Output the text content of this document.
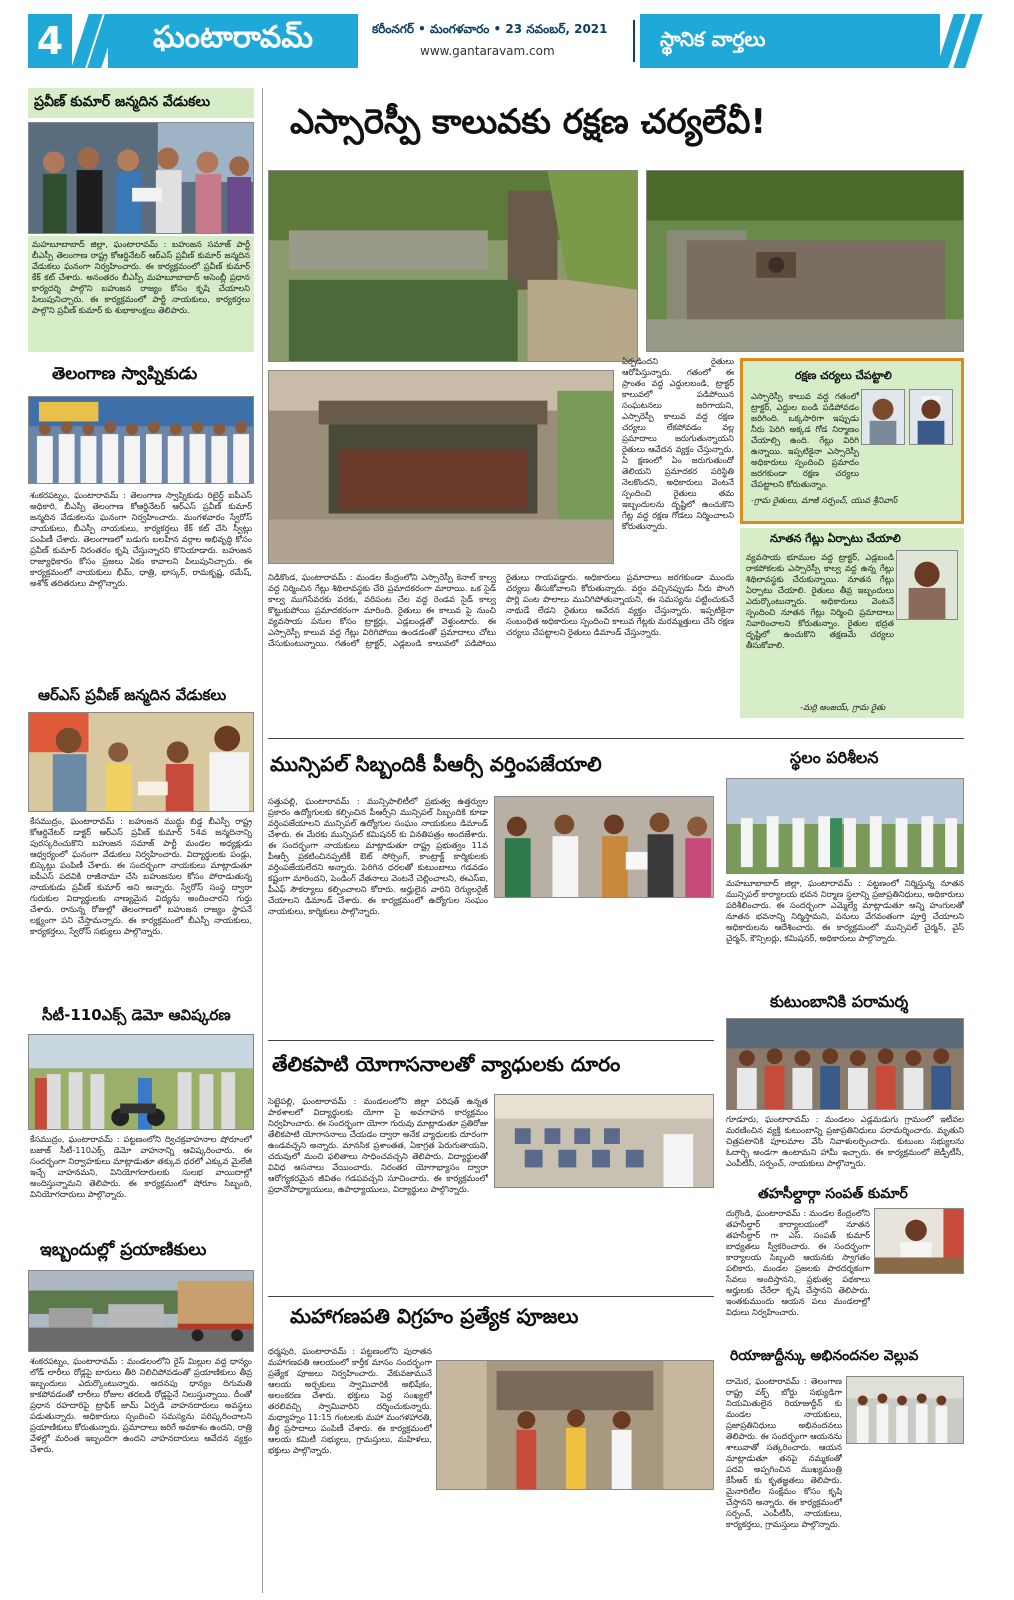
4	ఘంటారావమ్	కరీంనగర్ • మంగళవారం • 23 నవంబర్, 2021
www.gantaravam.com
స్థానిక వార్తలు
ప్రవీణ్ కుమార్ జన్మదిన వేడుకలు
మహబూబాబాద్ జిల్లా, ఘంటారావమ్ : బహుజన సమాజ్ పార్టీ బీఎస్పీ తెలంగాణ రాష్ట్ర కోఆర్డినేటర్ ఆర్ఎస్ ప్రవీణ్ కుమార్ జన్మదిన వేడుకలు ఘనంగా నిర్వహించారు. ఈ కార్యక్రమంలో ప్రవీణ్ కుమార్ కేక్ కట్ చేశారు. అనంతరం బీఎస్పీ మహబూబాబాద్ అసెంబ్లీ ప్రధాన కార్యదర్శి పాల్గొని బహుజన రాజ్యం కోసం కృషి చేయాలని పిలుపునిచ్చారు. ఈ కార్యక్రమంలో పార్టీ నాయకులు, కార్యకర్తలు పాల్గొని ప్రవీణ్ కుమార్ కు శుభాకాంక్షలు తెలిపారు.
తెలంగాణ స్వాప్నికుడు
శంకరపట్నం, ఘంటారావమ్ : తెలంగాణ స్వాప్నికుడు రిటైర్డ్ ఐపీఎస్ అధికారి, బీఎస్పీ తెలంగాణ కోఆర్డినేటర్ ఆర్ఎస్ ప్రవీణ్ కుమార్ జన్మదిన వేడుకలను ఘనంగా నిర్వహించారు. మంగళవారం స్వేరోస్ నాయకులు, బీఎస్పీ నాయకులు, కార్యకర్తలు కేక్ కట్ చేసి స్వీట్లు పంపిణీ చేశారు. తెలంగాణలో బడుగు బలహీన వర్గాల అభివృద్ధి కోసం ప్రవీణ్ కుమార్ నిరంతరం కృషి చేస్తున్నారని కొనియాడారు. బహుజన రాజ్యాధికారం కోసం ప్రజలు ఏకం కావాలని పిలుపునిచ్చారు. ఈ కార్యక్రమంలో నాయకులు భీమ్, ధాత్రి, భాస్కర్, రామకృష్ణ, రమేష్, అశోక్ తదితరులు పాల్గొన్నారు.
ఆర్ఎస్ ప్రవీణ్ జన్మదిన వేడుకలు
కేసముద్రం, ఘంటారావమ్ : బహుజన ముద్దు బిడ్డ బీఎస్పీ రాష్ట్ర కోఆర్డినేటర్ డాక్టర్ ఆర్ఎస్ ప్రవీణ్ కుమార్ 54వ జన్మదినాన్ని పురస్కరించుకొని బహుజన సమాజ్ పార్టీ మండల అధ్యక్షుడు ఆధ్వర్యంలో ఘనంగా వేడుకలు నిర్వహించారు. విద్యార్థులకు పండ్లు, బిస్కెట్లు పంపిణీ చేశారు. ఈ సందర్భంగా నాయకులు మాట్లాడుతూ ఐపీఎస్ పదవికి రాజీనామా చేసి బహుజనుల కోసం పోరాడుతున్న నాయకుడు ప్రవీణ్ కుమార్ అని అన్నారు. స్వేరోస్ సంస్థ ద్వారా గురుకుల విద్యార్థులకు నాణ్యమైన విద్యను అందించారని గుర్తు చేశారు. రానున్న రోజుల్లో తెలంగాణలో బహుజన రాజ్యం స్థాపనే లక్ష్యంగా పని చేస్తామన్నారు. ఈ కార్యక్రమంలో బీఎస్పీ నాయకులు, కార్యకర్తలు, స్వేరోస్ సభ్యులు పాల్గొన్నారు.
సీటీ-110ఎక్స్ డెమో ఆవిష్కరణ
కేసముద్రం, ఘంటారావమ్ : పట్టణంలోని ద్విచక్రవాహనాల షోరూంలో బజాజ్ సీటీ-110ఎక్స్ డెమో వాహనాన్ని ఆవిష్కరించారు. ఈ సందర్భంగా నిర్వాహకులు మాట్లాడుతూ తక్కువ ధరలో ఎక్కువ మైలేజీ ఇచ్చే వాహనమని, వినియోగదారులకు సులభ వాయిదాల్లో అందిస్తున్నామని తెలిపారు. ఈ కార్యక్రమంలో షోరూం సిబ్బంది, వినియోగదారులు పాల్గొన్నారు.
ఇబ్బందుల్లో ప్రయాణికులు
శంకరపట్నం, ఘంటారావమ్ : మండలంలోని రైస్ మిల్లుల వద్ద ధాన్యం లోడ్ లారీలు రోడ్లపై బారులు తీరి నిలిచిపోవడంతో ప్రయాణికులు తీవ్ర ఇబ్బందులు ఎదుర్కొంటున్నారు. అదనపు ధాన్యం దిగుమతి కాకపోవడంతో లారీలు రోజుల తరబడి రోడ్లపైనే నిలుస్తున్నాయి. దీంతో ప్రధాన రహదారిపై ట్రాఫిక్ జామ్ ఏర్పడి వాహనదారులు అవస్థలు పడుతున్నారు. అధికారులు స్పందించి సమస్యను పరిష్కరించాలని ప్రయాణికులు కోరుతున్నారు. ప్రమాదాలు జరిగే అవకాశం ఉందని, రాత్రి వేళల్లో మరింత ఇబ్బందిగా ఉందని వాహనదారులు ఆవేదన వ్యక్తం చేశారు.
ఎస్సారెస్పీ కాలువకు రక్షణ చర్యలేవీ!
ఏర్పడిందని రైతులు ఆరోపిస్తున్నారు. గతంలో ఈ ప్రాంతం వద్ద ఎద్దులబండి, ట్రాక్టర్ కాలువలో పడిపోయిన సంఘటనలు జరిగాయని, ఎస్సారెస్పీ కాలువ వద్ద రక్షణ చర్యలు లేకపోవడం వల్ల ప్రమాదాలు జరుగుతున్నాయని రైతులు ఆవేదన వ్యక్తం చేస్తున్నారు. ఏ క్షణంలో ఏం జరుగుతుందో తెలియని ప్రమాదకర పరిస్థితి నెలకొందని, అధికారులు వెంటనే స్పందించి రైతులు తమ ఇబ్బందులను దృష్టిలో ఉంచుకొని గేట్ల వద్ద రక్షణ గోడలు నిర్మించాలని కోరుతున్నారు.
నిడికొండ, ఘంటారావమ్ : మండల కేంద్రంలోని ఎస్సారెస్పీ కెనాల్ కాల్వ వద్ద నిర్మించిన గేట్లు శిథిలావస్థకు చేరి ప్రమాదకరంగా మారాయి. ఒక సైడ్ కాల్వ ముగిసేవరకు వరకు, వరిపంట చేల వద్ద రెండవ సైడ్ కాల్వ కొట్టుకుపోయి ప్రమాదకరంగా మారింది. రైతులు ఈ కాలువ పై నుంచి వ్యవసాయ పనుల కోసం ట్రాక్టర్లు, ఎడ్లబండ్లతో వెళ్తుంటారు. ఈ ఎస్సారెస్పీ కాలువ వద్ద గేట్లు విరిగిపోయి ఉండడంతో ప్రమాదాలు చోటు చేసుకుంటున్నాయి. గతంలో ట్రాక్టర్, ఎడ్లబండి కాలువలో పడిపోయి రైతులు గాయపడ్డారు. అధికారులు ప్రమాదాలు జరగకుండా ముందు చర్యలు తీసుకోవాలని కోరుతున్నారు. వర్షం వచ్చినప్పుడు నీరు పొంగి పొర్లి పంట పొలాలు మునిగిపోతున్నాయని, ఈ సమస్యను పట్టించుకునే నాథుడే లేడని రైతులు ఆవేదన వ్యక్తం చేస్తున్నారు. ఇప్పటికైనా సంబంధిత అధికారులు స్పందించి కాలువ గేట్లకు మరమ్మత్తులు చేసి రక్షణ చర్యలు చేపట్టాలని రైతులు డిమాండ్ చేస్తున్నారు.
రక్షణ చర్యలు చేపట్టాలి
ఎస్సారెస్పీ కాలువ వద్ద గతంలో ట్రాక్టర్, ఎద్దుల బండి పడిపోవడం జరిగింది. ఒక్కసారిగా ఇప్పుడు నీరు పెరిగి అక్కడ గోడ నిర్మాణం చేయాల్సి ఉంది. గేట్లు విరిగి ఉన్నాయి. ఇప్పటికైనా ఎస్సారెస్పీ అధికారులు స్పందించి ప్రమాదం జరగకుండా రక్షణ చర్యలు చేపట్టాలని కోరుతున్నాం.
-గ్రామ రైతులు, మాజీ సర్పంచ్, యువ శ్రీనివాస్
నూతన గేట్లు ఏర్పాటు చేయాలి
వ్యవసాయ భూముల వద్ద ట్రాక్టర్, ఎడ్లబండి రాకపోకలకు ఎస్సారెస్పీ కాల్వ వద్ద ఉన్న గేట్లు శిథిలావస్థకు చేరుకున్నాయి. నూతన గేట్లు ఏర్పాటు చేయాలి. రైతులు తీవ్ర ఇబ్బందులు ఎదుర్కొంటున్నారు. అధికారులు వెంటనే స్పందించి నూతన గేట్లు నిర్మించి ప్రమాదాలు నివారించాలని కోరుతున్నాం. రైతుల భద్రత దృష్టిలో ఉంచుకొని తక్షణమే చర్యలు తీసుకోవాలి.
-మర్రి అంజయ్, గ్రామ రైతు
మున్సిపల్ సిబ్బందికీ పీఆర్సీ వర్తింపజేయాలి
సత్తుపల్లి, ఘంటారావమ్ : మున్సిపాలిటీలో ప్రభుత్వ ఉత్తర్వుల ప్రకారం ఉద్యోగులకు కల్పించిన పీఆర్సీని మున్సిపల్ సిబ్బందికి కూడా వర్తింపజేయాలని మున్సిపల్ ఉద్యోగుల సంఘం నాయకులు డిమాండ్ చేశారు. ఈ మేరకు మున్సిపల్ కమిషనర్ కు వినతిపత్రం అందజేశారు. ఈ సందర్భంగా నాయకులు మాట్లాడుతూ రాష్ట్ర ప్రభుత్వం 11వ పీఆర్సీ ప్రకటించినప్పటికీ ఔట్ సోర్సింగ్, కాంట్రాక్ట్ కార్మికులకు వర్తింపజేయలేదని అన్నారు. పెరిగిన ధరలతో కుటుంబాలు గడవడం కష్టంగా మారిందని, పెండింగ్ వేతనాలు వెంటనే చెల్లించాలని, ఈఎస్ఐ, పీఎఫ్ సౌకర్యాలు కల్పించాలని కోరారు. అర్హులైన వారిని రెగ్యులరైజ్ చేయాలని డిమాండ్ చేశారు. ఈ కార్యక్రమంలో ఉద్యోగుల సంఘం నాయకులు, కార్మికులు పాల్గొన్నారు.
తేలికపాటి యోగాసనాలతో వ్యాధులకు దూరం
సెట్టెపల్లి, ఘంటారావమ్ : మండలంలోని జిల్లా పరిషత్ ఉన్నత పాఠశాలలో విద్యార్థులకు యోగా పై అవగాహన కార్యక్రమం నిర్వహించారు. ఈ సందర్భంగా యోగా గురువు మాట్లాడుతూ ప్రతిరోజు తేలికపాటి యోగాసనాలు చేయడం ద్వారా అనేక వ్యాధులకు దూరంగా ఉండవచ్చని అన్నారు. మానసిక ప్రశాంతత, ఏకాగ్రత పెరుగుతాయని, చదువులో మంచి ఫలితాలు సాధించవచ్చని తెలిపారు. విద్యార్థులతో వివిధ ఆసనాలు వేయించారు. నిరంతర యోగాభ్యాసం ద్వారా ఆరోగ్యకరమైన జీవితం గడపవచ్చని సూచించారు. ఈ కార్యక్రమంలో ప్రధానోపాధ్యాయులు, ఉపాధ్యాయులు, విద్యార్థులు పాల్గొన్నారు.
మహాగణపతి విగ్రహం ప్రత్యేక పూజలు
ధర్మపురి, ఘంటారావమ్ : పట్టణంలోని పురాతన మహాగణపతి ఆలయంలో కార్తీక మాసం సందర్భంగా ప్రత్యేక పూజలు నిర్వహించారు. వేకువజామునే ఆలయ అర్చకులు స్వామివారికి అభిషేకం, అలంకరణ చేశారు. భక్తులు పెద్ద సంఖ్యలో తరలివచ్చి స్వామివారిని దర్శించుకున్నారు. మధ్యాహ్నం 11:15 గంటలకు మహా మంగళహారతి, తీర్థ ప్రసాదాలు పంపిణీ చేశారు. ఈ కార్యక్రమంలో ఆలయ కమిటీ సభ్యులు, గ్రామస్తులు, మహిళలు, భక్తులు పాల్గొన్నారు.
స్థలం పరిశీలన
మహబూబాబాద్ జిల్లా, ఘంటారావమ్ : పట్టణంలో నిర్మిస్తున్న నూతన మున్సిపల్ కార్యాలయ భవన నిర్మాణ స్థలాన్ని ప్రజాప్రతినిధులు, అధికారులు పరిశీలించారు. ఈ సందర్భంగా ఎమ్మెల్యే మాట్లాడుతూ అన్ని హంగులతో నూతన భవనాన్ని నిర్మిస్తామని, పనులు వేగవంతంగా పూర్తి చేయాలని అధికారులను ఆదేశించారు. ఈ కార్యక్రమంలో మున్సిపల్ చైర్మన్, వైస్ చైర్మన్, కౌన్సిలర్లు, కమిషనర్, అధికారులు పాల్గొన్నారు.
కుటుంబానికి పరామర్శ
గూడూరు, ఘంటారావమ్ : మండలం ఎడ్లమడుగు గ్రామంలో ఇటీవల మరణించిన వ్యక్తి కుటుంబాన్ని ప్రజాప్రతినిధులు పరామర్శించారు. మృతుని చిత్రపటానికి పూలమాల వేసి నివాళులర్పించారు. కుటుంబ సభ్యులను ఓదార్చి అండగా ఉంటామని హామీ ఇచ్చారు. ఈ కార్యక్రమంలో జెడ్పీటీసీ, ఎంపీటీసీ, సర్పంచ్, నాయకులు పాల్గొన్నారు.
తహసీల్దార్గా సంపత్ కుమార్
దుగ్గొండి, ఘంటారావమ్ : మండల కేంద్రంలోని తహసీల్దార్ కార్యాలయంలో నూతన తహసీల్దార్ గా ఎస్. సంపత్ కుమార్ బాధ్యతలు స్వీకరించారు. ఈ సందర్భంగా కార్యాలయ సిబ్బంది ఆయనకు స్వాగతం పలికారు. మండల ప్రజలకు పారదర్శకంగా సేవలు అందిస్తానని, ప్రభుత్వ పథకాలు అర్హులకు చేరేలా కృషి చేస్తానని తెలిపారు. ఇంతకుముందు ఆయన పలు మండలాల్లో విధులు నిర్వహించారు.
రియాజుద్దీన్కు అభినందనల వెల్లువ
దామెర, ఘంటారావమ్ : తెలంగాణ రాష్ట్ర వక్ఫ్ బోర్డు సభ్యుడిగా నియమితులైన రియాజుద్దీన్ కు మండల నాయకులు, ప్రజాప్రతినిధులు అభినందనలు తెలిపారు. ఈ సందర్భంగా ఆయనను శాలువాతో సత్కరించారు. ఆయన మాట్లాడుతూ తనపై నమ్మకంతో పదవి అప్పగించిన ముఖ్యమంత్రి కేసీఆర్ కు కృతజ్ఞతలు తెలిపారు. మైనారిటీల సంక్షేమం కోసం కృషి చేస్తానని అన్నారు. ఈ కార్యక్రమంలో సర్పంచ్, ఎంపీటీసీ, నాయకులు, కార్యకర్తలు, గ్రామస్తులు పాల్గొన్నారు.
